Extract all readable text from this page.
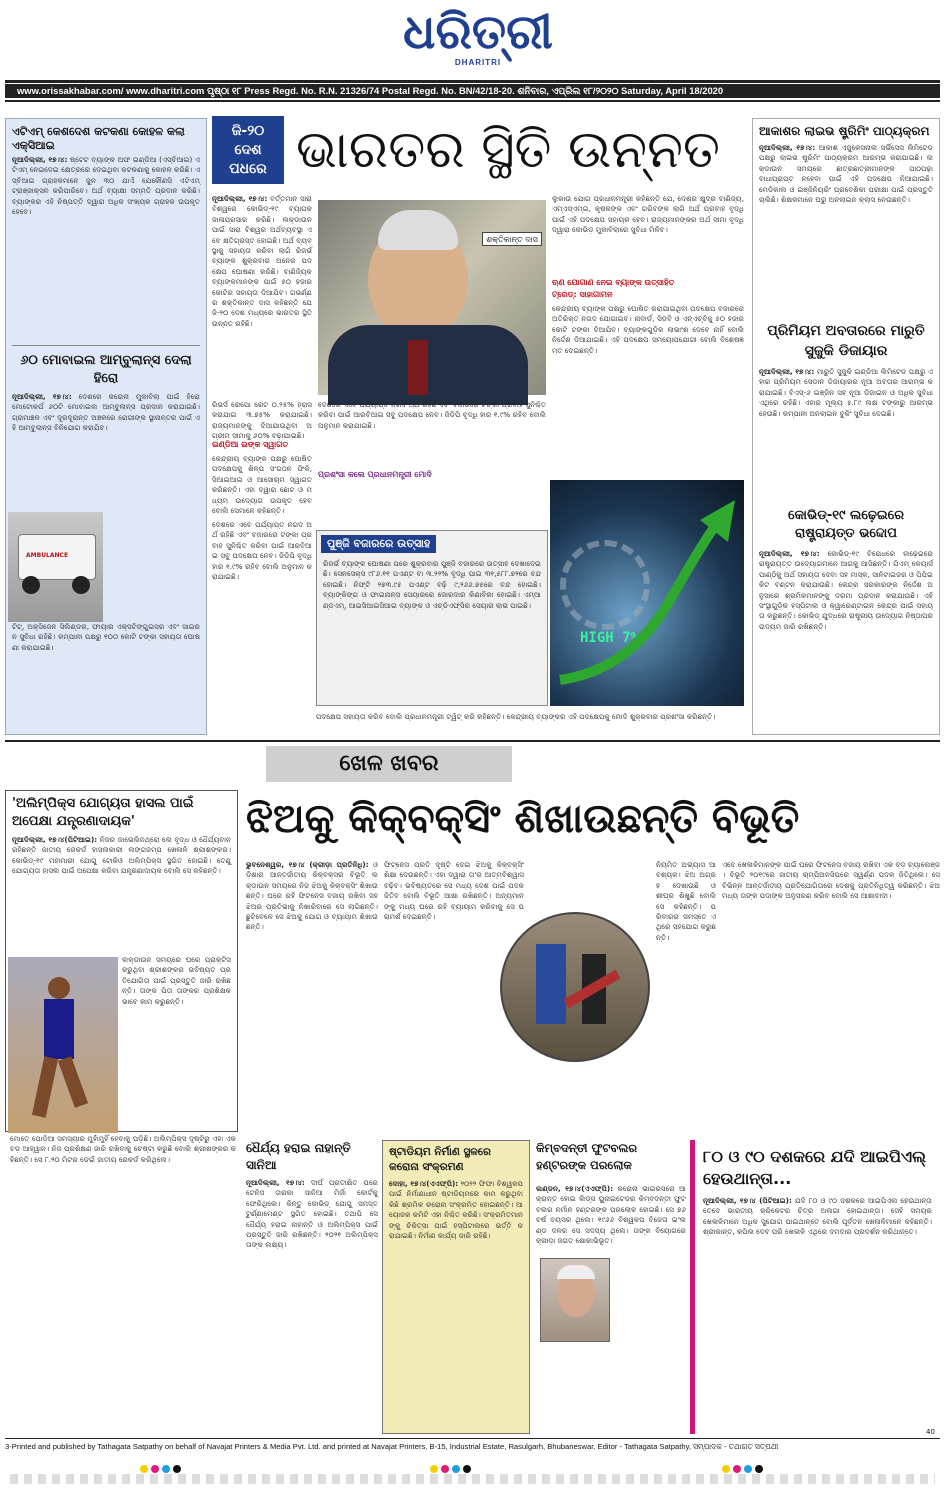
ଧରିତ୍ରୀ
DHARITRI
www.orissakhabar.com/ www.dharitri.com ପୃଷ୍ଠା ୧୮ Press Regd. No. R.N. 21326/74 Postal Regd. No. BN/42/18-20. ଶନିବାର, ଏପ୍ରିଲ ୧୮/୨୦୨୦ Saturday, April 18/2020
ଏଟିଏମ୍ କେଶଦେଶ କଟକଣା କୋହଳ କଲା ଏକ୍ସିଆଇ
ନୂଆଦିଲ୍ଲୀ, ୧୭।୪: ଷ୍ଟେଟ ବ୍ୟାଙ୍କ ଅଫ ଇଣ୍ଡିଆ (ଏସ୍‌ବିଆଇ) ଏଟିଏମ୍ ନେଇଦେଇ କ୍ଷେତ୍ରରେ ଦେଇଥିବା କଟକଣାକୁ କୋହଳ କରିଛି। ଏସ୍‌ବିଆଇ ଗ୍ରାହକମାନେ ଜୁନ ୩୦ ଯାଏଁ ଯେକୌଣସି ଏଟିଏମ୍ ଟ୍ରାଞ୍ଜାକ୍ସନ କରିପାରିବେ। ଅର୍ଥ ବ୍ୟାକ୍ଷୀ ସମ୍ମତି ପ୍ରଦାନ କରିଛି। ବ୍ୟାଙ୍କର ଏହି ନିଷ୍ପତ୍ତି ଦ୍ୱାରା ଅଧିକ ସଂଖ୍ୟକ ଗ୍ରାହକ ଉପକୃତ ହେବେ।
୬୦ ମୋବାଇଲ ଆମ୍ବୁଲାନ୍ସ ଦେଲା ହିରୋ
ନୂଆଦିଲ୍ଲୀ, ୧୭।୪: ଦେଶରେ କରୋନା ମୁକାବିଲା ପାଇଁ ହିରୋ ମୋଟୋକର୍ପ ୬୦ଟି ମୋବାଇଲ ଆମ୍ବୁଲାନ୍ସ ପ୍ରଦାନ କରାଯାଇଛି। ଗ୍ରାମାଞ୍ଚଳ ଏବଂ ଦୂରଦୂରାନ୍ତ ଅଞ୍ଚଳରେ ରୋଗୀଙ୍କ ସ୍ଥାନାନ୍ତର ପାଇଁ ଏହି ଆମ୍ବୁଲାନ୍ସ ବିନିଯୋଗ କରାଯିବ।
AMBULANCE
ଟିଟ୍, ଅକ୍ସିଜେନ ସିଲିଣ୍ଡର, ଫାୟାର ଏକ୍ସଟିଙ୍ଗୁଇସର ଏବଂ ସାଇରନ ସୁବିଧା ରହିଛି। କମ୍ପାନୀ ପକ୍ଷରୁ ୧୦୦ କୋଟି ଟଙ୍କା ସହାୟତା ଘୋଷଣା କରାଯାଇଛି।
ଜି-୨୦ ଦେଶ ପଧରେ ଭାରତର ସ୍ଥିତି ଉନ୍ନତ
ନୂଆଦିଲ୍ଲୀ, ୧୭।୪: ବର୍ତ୍ତମାନ ସାରା ବିଶ୍ୱରେ କୋଭିଡ୍-୧୯ ବ୍ୟାପକ ଜାଳାପ୍ରସାର କରିଛି। ଲକ୍‌ଡାଉନ ପାଇଁ ସାରା ବିଶ୍ୱର ଅର୍ଥବ୍ୟବସ୍ଥା ଏବେ କ୍ଷତିଗ୍ରସ୍ତ ହୋଇଛି। ଅର୍ଥ ବ୍ୟବସ୍ଥାକୁ ସହାୟତା କରିବା ଲାଗି ରିଜର୍ଭ ବ୍ୟାଙ୍କ ଶୁକ୍ରବାର ଅନେକ ପଦକ୍ଷେପ ଘୋଷଣା କରିଛି। ବାଣିଜ୍ୟିକ ବ୍ୟାଙ୍କମାନଙ୍କ ପାଇଁ ୫୦ ହଜାର କୋଟିର ସହାୟତା ଦିଆଯିବ। ଗଭର୍ଣ୍ଣର ଶକ୍ତିକାନ୍ତ ଦାସ କହିଛନ୍ତି ଯେ ଜି-୨୦ ଦେଶ ମଧ୍ୟରେ ଭାରତର ସ୍ଥିତି ଉନ୍ନତ ରହିଛି।
ଶକ୍ତିକାନ୍ତ ଦାସ
ଦେଶରେ ଏବେ ପର୍ଯ୍ୟାପ୍ତ ନଗଦ ଅର୍ଥ ରହିଛି ଏବଂ ବଜାରରେ ଟଙ୍କା ପ୍ରବାହ ସୁନିଶ୍ଚିତ କରିବା ପାଇଁ ଆରବିଆଇ ସବୁ ପଦକ୍ଷେପ ନେବ। ଜିଡିପି ବୃଦ୍ଧି ହାର ୧.୯% ରହିବ ବୋଲି ଅନୁମାନ କରାଯାଇଛି।
ରିଭର୍ସ ରେପୋ ରେଟ ୦.୨୫% ହ୍ରାସ କରାଯାଇ ୩.୭୫% କରାଯାଇଛି। ରାଜ୍ୟମାନଙ୍କୁ ଦିଆଯାଉଥିବା ଅଗ୍ରୀମ ସୀମାକୁ ୬୦% ବଢ଼ାଯାଇଛି।
ଇଣ୍ଡିଆ ଇଙ୍କ ସ୍ୱାଗତ
କେନ୍ଦ୍ରୀୟ ବ୍ୟାଙ୍କ ପକ୍ଷରୁ ଘୋଷିତ ପଦକ୍ଷେପକୁ ଶିଳ୍ପ ସଂଗଠନ ଫିକି, ସିଆଇଆଇ ଓ ଆସୋଚାମ ସ୍ୱାଗତ କରିଛନ୍ତି। ଏହା ଦ୍ୱାରା ଛୋଟ ଓ ମଧ୍ୟମ ଉଦ୍ୟୋଗ ଉପକୃତ ହେବ ବୋଲି ସେମାନେ କହିଛନ୍ତି।
ପ୍ରଶଂସା କଲେ ପ୍ରଧାନମନ୍ତ୍ରୀ ମୋଦି
ଲୁକାଉ ଯୋଗ ପ୍ରଧାନମନ୍ତ୍ରୀ କହିଛନ୍ତି ଯେ, ଦେଶର କ୍ଷୁଦ୍ର ବାଣିଜ୍ୟ, ଏମ୍‌ଏସ୍‌ଏମ୍‌ଇ, କୃଷକଙ୍କ ଏବଂ ଗରିବଙ୍କ ଲାଗି ଅର୍ଥ ପ୍ରବାହ ବୃଦ୍ଧି ପାଇଁ ଏହି ପଦକ୍ଷେପ ସହାୟକ ହେବ। ରାଜ୍ୟମାନଙ୍କର ଅର୍ଥ ସୀମା ବୃଦ୍ଧି ଦ୍ୱାରା କୋଭିଡ଼ ମୁକାବିଲାରେ ସୁବିଧା ମିଳିବ।
ଋଣ ଯୋଗାଣ ନେଇ ବ୍ୟାଙ୍କ ଉତ୍ସାହିତ
ଟ୍ରେଡ୍: ସାହାଗାମନ
କେନ୍ଦ୍ରୀୟ ବ୍ୟାଙ୍କ ପକ୍ଷରୁ ଘୋଷିତ କରାଯାଇଥିବା ପଦକ୍ଷେପ ବଜାରରେ ଅତିରିକ୍ତ ନଗଦ ଯୋଗାଇବ। ନାବାର୍ଡ, ସିଡବି ଓ ଏନ୍‌ଏଚ୍‌ବିକୁ ୫୦ ହଜାର କୋଟି ଟଙ୍କା ଦିଆଯିବ। ବ୍ୟାଙ୍କଗୁଡ଼ିକ ଲାଭାଂଶ ଦେବେ ନାହିଁ ବୋଲି ନିର୍ଦ୍ଦେଶ ଦିଆଯାଇଛି। ଏହି ପଦକ୍ଷେପ ସମୟୋପଯୋଗୀ ବୋଲି ବିଶେଷଜ୍ଞ ମତ ଦେଇଛନ୍ତି।
ପୁଞ୍ଜି ବଜାରରେ ଉତ୍ସାହ
ରିଜର୍ଭ ବ୍ୟାଙ୍କ ଘୋଷଣା ପରେ ଶୁକ୍ରବାର ପୁଞ୍ଜି ବଜାରରେ ଉତ୍ସାହ ଦେଖାଦେଇଛି। ସେନସେକ୍ସ ୯୮୬.୧୧ ପଏଣ୍ଟ ବା ୩.୨୨% ବୃଦ୍ଧି ପାଇ ୩୧,୫୮୮.୭୨ରେ ବନ୍ଦ ହୋଇଛି। ନିଫ୍ଟି ୨୭୩.୯୫ ପଏଣ୍ଟ ବଢ଼ି ୯,୨୬୬.୭୫ରେ ବନ୍ଦ ହୋଇଛି। ବ୍ୟାଙ୍କିଙ୍ଗ ଓ ଫାଇନାନ୍ସ ସେୟାରରେ ଜୋରଦାର କିଣାବିକା ହୋଇଛି। ଏମ୍‌ଆଣ୍ଡଏମ୍, ଆଇସିଆଇସିଆଇ ବ୍ୟାଙ୍କ ଓ ଏଚ୍‌ଡିଏଫ୍‌ସିର ସେୟାର ଲାଭ ପାଇଛି।
HIGH 7%
ପଦକ୍ଷେପ ସହାୟତା କରିବ ବୋଲି ପ୍ରଧାନମନ୍ତ୍ରୀ ଟ୍ୱିଟ୍ କରି କହିଛନ୍ତି। କେନ୍ଦ୍ରୀୟ ବ୍ୟାଙ୍କର ଏହି ପଦକ୍ଷେପକୁ ମୋଦି ଶୁକ୍ରବାର ପ୍ରଶଂସା କରିଛନ୍ତି।
ଦେଶରେ ଏବେ ପର୍ଯ୍ୟାପ୍ତ ନଗଦ ଅର୍ଥ ରହିଛି ଏବଂ ବଜାରରେ ଟଙ୍କା ପ୍ରବାହ ସୁନିଶ୍ଚିତ କରିବା ପାଇଁ ଆରବିଆଇ ସବୁ ପଦକ୍ଷେପ ନେବ। ଜିଡିପି ବୃଦ୍ଧି ହାର ୧.୯% ରହିବ ବୋଲି ଅନୁମାନ କରାଯାଇଛି।
ଆକାଶର ଲାଇଭ ଷ୍ଟ୍ରିମିଂ ପାଠ୍ୟକ୍ରମ
ନୂଆଦିଲ୍ଲୀ, ୧୭।୪: ଆକାଶ ଏଜୁକେସନାଲ ସର୍ଭିସେସ ଲିମିଟେଡ ପକ୍ଷରୁ ଲାଇଭ ଷ୍ଟ୍ରିମିଂ ପାଠ୍ୟକ୍ରମ ଆରମ୍ଭ କରାଯାଇଛି। ଲକ୍‌ଡାଉନ ସମୟରେ ଛାତ୍ରଛାତ୍ରୀମାନଙ୍କ ପାଠପଢ଼ା ବାଧାପ୍ରାପ୍ତ ନହେବା ପାଇଁ ଏହି ପଦକ୍ଷେପ ନିଆଯାଇଛି। ମେଡିକାଲ ଓ ଇଞ୍ଜିନିୟରିଂ ପ୍ରବେଶିକା ପରୀକ୍ଷା ପାଇଁ ପ୍ରସ୍ତୁତି ଚାଲିଛି। ଶିକ୍ଷକମାନେ ଘରୁ ଅନଲାଇନ କ୍ଲାସ ନେଉଛନ୍ତି।
ପ୍ରିମିୟମ ଅବତାରରେ ମାରୁତି ସୁଜୁକି ଡିଜାୟାର
ନୂଆଦିଲ୍ଲୀ, ୧୭।୪: ମାରୁତି ସୁଜୁକି ଇଣ୍ଡିଆ ଲିମିଟେଡ ପକ୍ଷରୁ ଏହାର ପ୍ରିମିୟମ ସେଡାନ ଡିଜାୟାରର ନୂଆ ଅବତାର ଆରମ୍ଭ କରାଯାଇଛି। ବିଏସ୍-୬ ଇଞ୍ଜିନ ସହ ନୂଆ ଡିଜାଇନ ଓ ଅଧିକ ସୁବିଧା ଏଥିରେ ରହିଛି। ଏହାର ମୂଲ୍ୟ ୫.୮୯ ଲକ୍ଷ ଟଙ୍କାରୁ ଆରମ୍ଭ ହେଉଛି। କମ୍ପାନୀ ଅନଲାଇନ ବୁକିଂ ସୁବିଧା ଦେଇଛି।
କୋଭିଡ୍-୧୯ ଲଢ଼େଇରେ ରାଷ୍ଟ୍ରାୟତ୍ତ ଭଦ୍ଦୋପ
ନୂଆଦିଲ୍ଲୀ, ୧୭।୪: କୋଭିଡ୍-୧୯ ବିରୋଧରେ ଲଢ଼େଇରେ ରାଷ୍ଟ୍ରାୟତ୍ତ ଉଦ୍ୟୋଗମାନେ ଆଗକୁ ଆସିଛନ୍ତି। ପିଏମ୍ କେୟାର୍ସ ପାଣ୍ଠିକୁ ଅର୍ଥ ସହାୟତା ଦେବା ସହ ମାସ୍କ, ସାନିଟାଇଜର ଓ ପିପିଇ କିଟ ବଣ୍ଟନ କରାଯାଉଛି। କେନ୍ଦ୍ର ସରକାରଙ୍କ ନିର୍ଦ୍ଦେଶ ଅନୁସାରେ ଶ୍ରମିକମାନଙ୍କୁ ଦରମା ପ୍ରଦାନ କରାଯାଉଛି। ଏହି ସଂସ୍ଥାଗୁଡ଼ିକ ହସ୍ପିଟାଲ ଓ କ୍ୱାରେଣ୍ଟାଇନ କେନ୍ଦ୍ର ପାଇଁ ସହାୟତା କରୁଛନ୍ତି। କୋଭିଡ୍ ଯୁଦ୍ଧରେ ରାଷ୍ଟ୍ରୀୟ ଉଦ୍ୟୋଗ ନିଷ୍ଠାପର ଉଦ୍ୟମ ଜାରି ରଖିଛନ୍ତି।
ଖେଳ ଖବର
'ଅଲିମ୍ପିକ୍ସ ଯୋଗ୍ୟତା ହାସଲ ପାଇଁ ଅପେକ୍ଷା ଯନ୍ତ୍ରଣାଦାୟକ'
ନୂଆଦିଲ୍ଲୀ, ୧୭।୪(ପିଟିଆଇ): ନିଜର ଜାଭେଲିନଥ୍ରୋ ଲେ ବୃଦ୍ଧ ଓ ଧୈର୍ଯ୍ୟବାନ ରହିଛନ୍ତି ଜାତୀୟ ରେକର୍ଡ ହାସଲକାରୀ ଲଙ୍ଗଜମ୍ପ ଖେଳାଳି ଶ୍ରୀଶଙ୍କର। କୋଭିଡ୍-୧୯ ମହାମାରୀ ଯୋଗୁ ଟୋକିଓ ଅଲିମ୍ପିକ୍ସ ସ୍ଥଗିତ ହୋଇଛି। ତେଣୁ ଯୋଗ୍ୟତା ହାସଲ ପାଇଁ ଅପେକ୍ଷା କରିବା ଯନ୍ତ୍ରଣାଦାୟକ ବୋଲି ସେ କହିଛନ୍ତି।
ଲକ୍‌ଡାଉନ ସମୟରେ ଘରେ ପ୍ରାକ୍ଟିସ କରୁଥିବା ଶ୍ରୀଶଙ୍କର ଭବିଷ୍ୟତ ପ୍ରତିଯୋଗିତା ପାଇଁ ପ୍ରସ୍ତୁତି ଜାରି ରଖିଛନ୍ତି। ତାଙ୍କ ପିତା ତାଙ୍କର ପ୍ରଶିକ୍ଷକ ଭାବେ କାମ କରୁଛନ୍ତି।
ମୋତେ ପୋଡ଼ିଆ ସମସ୍ୟାର ମୁହାଁମୁହିଁ ହେବାକୁ ପଡ଼ିଛି। ଅଲିମ୍ପିକ୍ସ ଦୃଷ୍ଟିରୁ ଏହା ଏକ ବଡ଼ ଆହ୍ୱାନ। ନିଜ ପ୍ରଶିକ୍ଷଣ ଜାରି ରଖିବାକୁ ଚେଷ୍ଟା କରୁଛି ବୋଲି ଶ୍ରୀଶଙ୍କର କହିଛନ୍ତି। ସେ ୮.୨୦ ମିଟର ଡେଇଁ ଜାତୀୟ ରେକର୍ଡ କରିଥିଲେ।
ଝିଅକୁ କିକ୍‌ବକ୍ସିଂ ଶିଖାଉଛନ୍ତି ବିଭୂତି
ଭୁବନେଶ୍ୱର, ୧୭।୪ (କ୍ରୀଡ଼ା ପ୍ରତିନିଧି): ଓଡ଼ିଶାର ଆନ୍ତର୍ଜାତୀୟ କିକ୍‌ବକ୍ସର ବିଭୂତି ଲକ୍‌ଡାଉନ ସମୟରେ ନିଜ ଝିଅକୁ କିକ୍‌ବକ୍ସିଂ ଶିଖାଉଛନ୍ତି। ଘରେ ରହି ଫିଟନେସ ବଜାୟ ରଖିବା ସହ ଝିଅର ପ୍ରତିଭାକୁ ନିଖାରିବାରେ ସେ ଲାଗିଛନ୍ତି। ଛୁଟିବେଳେ ସେ ଝିଅକୁ ଯୋଗ ଓ ବ୍ୟାୟାମ ଶିଖାଉଛନ୍ତି।
ଫିଟ୍‌ନେସ ପ୍ରତି ଦୃଷ୍ଟି ଦେଇ ଝିଅକୁ କିକ୍‌ବକ୍ସିଂ ଶିକ୍ଷା ଦେଉଛନ୍ତି। ଏହା ଦ୍ୱାରା ତା'ର ଆତ୍ମବିଶ୍ୱାସ ବଢ଼ିବ। ଭବିଷ୍ୟତରେ ସେ ମଧ୍ୟ ଦେଶ ପାଇଁ ପଦକ ଜିତିବ ବୋଲି ବିଭୂତି ଆଶା ରଖିଛନ୍ତି। ଅନ୍ୟମାନଙ୍କୁ ମଧ୍ୟ ଘରେ ରହି ବ୍ୟାୟାମ କରିବାକୁ ସେ ପରାମର୍ଶ ଦେଇଛନ୍ତି।
ନିୟମିତ ଅଭ୍ୟାସ ଆବଶ୍ୟକ। ଝିଅ ଅଗ୍ରହ ଦେଖାଉଛି ଓ ଶୀଘ୍ର ଶିଖୁଛି ବୋଲି ସେ କହିଛନ୍ତି। ପରିବାରର ସମସ୍ତେ ଏଥିରେ ସହଯୋଗ କରୁଛନ୍ତି।
ଏବେ ଖେଳାଳିମାନଙ୍କ ପାଇଁ ଘରେ ଫିଟନେସ ବଜାୟ ରଖିବା ଏକ ବଡ଼ ଚ୍ୟାଲେଞ୍ଜ। ବିଭୂତି ୨୦୧୯ରେ ଜାତୀୟ ଚାମ୍ପିଅନସିପରେ ସ୍ୱର୍ଣ୍ଣ ପଦକ ଜିତିଥିଲେ। ସେ ବିଭିନ୍ନ ଆନ୍ତର୍ଜାତୀୟ ପ୍ରତିଯୋଗିତାରେ ଦେଶକୁ ପ୍ରତିନିଧିତ୍ୱ କରିଛନ୍ତି। ଝିଅ ମଧ୍ୟ ତାଙ୍କ ପଦାଙ୍କ ଅନୁସରଣ କରିବ ବୋଲି ସେ ଆଶାବାଦୀ।
ଧୈର୍ଯ୍ୟ ହରାଇ ନାହାନ୍ତି ସାନିଆ
ନୂଆଦିଲ୍ଲୀ, ୧୭।୪: ଦୀର୍ଘ ପ୍ରତୀକ୍ଷିତ ପରେ ଟେନିସ ତାରକା ସାନିଆ ମିର୍ଜା କୋର୍ଟକୁ ଫେରିଥିଲେ। କିନ୍ତୁ କୋଭିଡ୍ ଯୋଗୁ ସମସ୍ତ ଟୁର୍ଣ୍ଣାମେଣ୍ଟ ସ୍ଥଗିତ ହୋଇଛି। ତଥାପି ସେ ଧୈର୍ଯ୍ୟ ହରାଇ ନାହାନ୍ତି ଓ ଅଲିମ୍ପିକ୍ସ ପାଇଁ ପ୍ରସ୍ତୁତି ଜାରି ରଖିଛନ୍ତି। ୨୦୨୧ ଅଲିମ୍ପିକ୍ସ ତାଙ୍କ ଲକ୍ଷ୍ୟ।
ଷ୍ଟାଡିୟମ ନିର୍ମାଣ ସ୍ଥଳରେ କରୋନା ସଂକ୍ରମଣ
ଦୋହା, ୧୭।୪(ଏଏଫ୍‌ପି): ୨୦୨୨ ଫିଫା ବିଶ୍ୱକପ ପାଇଁ ନିର୍ମାଣାଧୀନ ଷ୍ଟାଡିୟମରେ କାମ କରୁଥିବା କିଛି ଶ୍ରମିକ କରୋନା ସଂକ୍ରମିତ ହୋଇଛନ୍ତି। ଆୟୋଜକ କମିଟି ଏହା ନିଶ୍ଚିତ କରିଛି। ସଂକ୍ରମିତମାନଙ୍କୁ ଚିକିତ୍ସା ପାଇଁ ହସ୍ପିଟାଲରେ ଭର୍ତ୍ତି କରାଯାଇଛି। ନିର୍ମାଣ କାର୍ଯ୍ୟ ଜାରି ରହିଛି।
କିମ୍ବଦନ୍ତୀ ଫୁଟବଲର ହଣ୍ଟରଙ୍କ ପରଲୋକ
ଲଣ୍ଡନ, ୧୭।୪(ଏଏଫ୍‌ପି): କରୋନା ଭାଇରସରେ ଆକ୍ରାନ୍ତ ହୋଇ ଲିଡ୍ସ ୟୁନାଇଟେଡର କିମ୍ବଦନ୍ତୀ ଫୁଟବଲର ନର୍ମାନ ହଣ୍ଟରଙ୍କ ପରଲୋକ ହୋଇଛି। ସେ ୭୬ ବର୍ଷ ବୟସର ଥିଲେ। ୧୯୬୬ ବିଶ୍ୱକପ ବିଜେତା ଇଂଲଣ୍ଡ ଦଳର ସେ ସଦସ୍ୟ ଥିଲେ। ତାଙ୍କ ବିୟୋଗରେ କ୍ରୀଡ଼ା ଜଗତ ଶୋକାଭିଭୂତ।
୮୦ ଓ ୯୦ ଦଶକରେ ଯଦି ଆଇପିଏଲ୍ ହେଉଥାନ୍ତା...
ନୂଆଦିଲ୍ଲୀ, ୧୭।୪ (ପିଟିଆଇ): ଯଦି ୮୦ ଓ ୯୦ ଦଶକରେ ଆଇପିଏଲ ହେଉଥାନ୍ତା ତେବେ ଭାରତୀୟ କ୍ରିକେଟର ଚିତ୍ର ଅଲଗା ହୋଇଥାନ୍ତା। ସେହି ସମୟର ଖେଳାଳିମାନେ ଅଧିକ ସୁଯୋଗ ପାଇଥାନ୍ତେ ବୋଲି ପୂର୍ବତନ ଖେଳାଳିମାନେ କହିଛନ୍ତି। ଶ୍ରୀକାନ୍ତ, କପିଲ ଦେବ ପରି ଖେଳାଳି ଏଥିରେ ଦମଦାର ପ୍ରଦର୍ଶନ କରିଥାନ୍ତେ।
3-Printed and published by Tathagata Satpathy on behalf of Navajat Printers & Media Pvt. Ltd. and printed at Navajat Printers, B-15, Industrial Estate, Rasulgarh, Bhubaneswar, Editor - Tathagata Satpathy, ସମ୍ପାଦକ - ତଥାଗତ ସତ୍ପଥୀ
40
